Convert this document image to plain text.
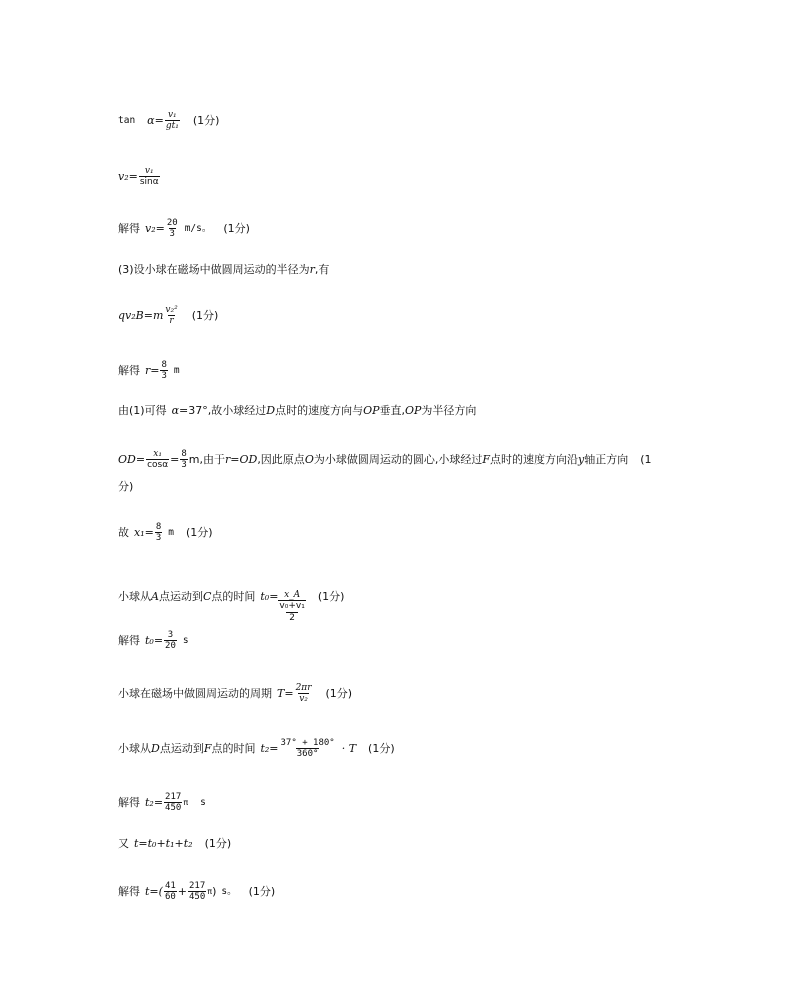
$\tan \alpha = \frac{\text{v₁}}{\text{gt₁}} (1$分)
$v_2= \frac{\text{v₁}}{\sin\alpha}$
解得 $v_2= \frac{20}{3} m/s$。 (1分)
(3)设小球在磁场中做圆周运动的半径为 r ,有
$qv_2B=m \frac{\text{v₂²}}{r} (1$分)
解得 $r= \frac{8}{3}$ m
由(1)可得 α =37° ,故小球经过 D 点时的速度方向与 OP 垂直, OP 为半径方向
$OD= \frac{\text{x₁}}{\cos\alpha} = \frac{8}{3} m$,由于 r=OD ,因此原点 O 为小球做圆周运动的圆心,小球经过 F 点时的速度方向沿 y 轴正方向 (1
分)
故 $x_1= \frac{8}{3}$ m (1分)
小球从 A 点运动到 C 点的时间 t₀= x_A
v₀+v₁
2
(1分)
解得 $t_0= \frac{3}{20}$ s
小球在磁场中做圆周运动的周期 $T= \frac{2\pi r}{\text{v₂}} (1$分)
小球从 D 点运动到 F 点的时间 $t_2= \frac{37^\circ + 180^\circ}{360^\circ} \cdot T$ (1分)
解得 $t_2= \frac{217}{450}$ π s
又 t=t₀+t₁+t₂ (1分)
解得 $t=( \frac{41}{60} + \frac{217}{450}$ π ) s。 (1分)
